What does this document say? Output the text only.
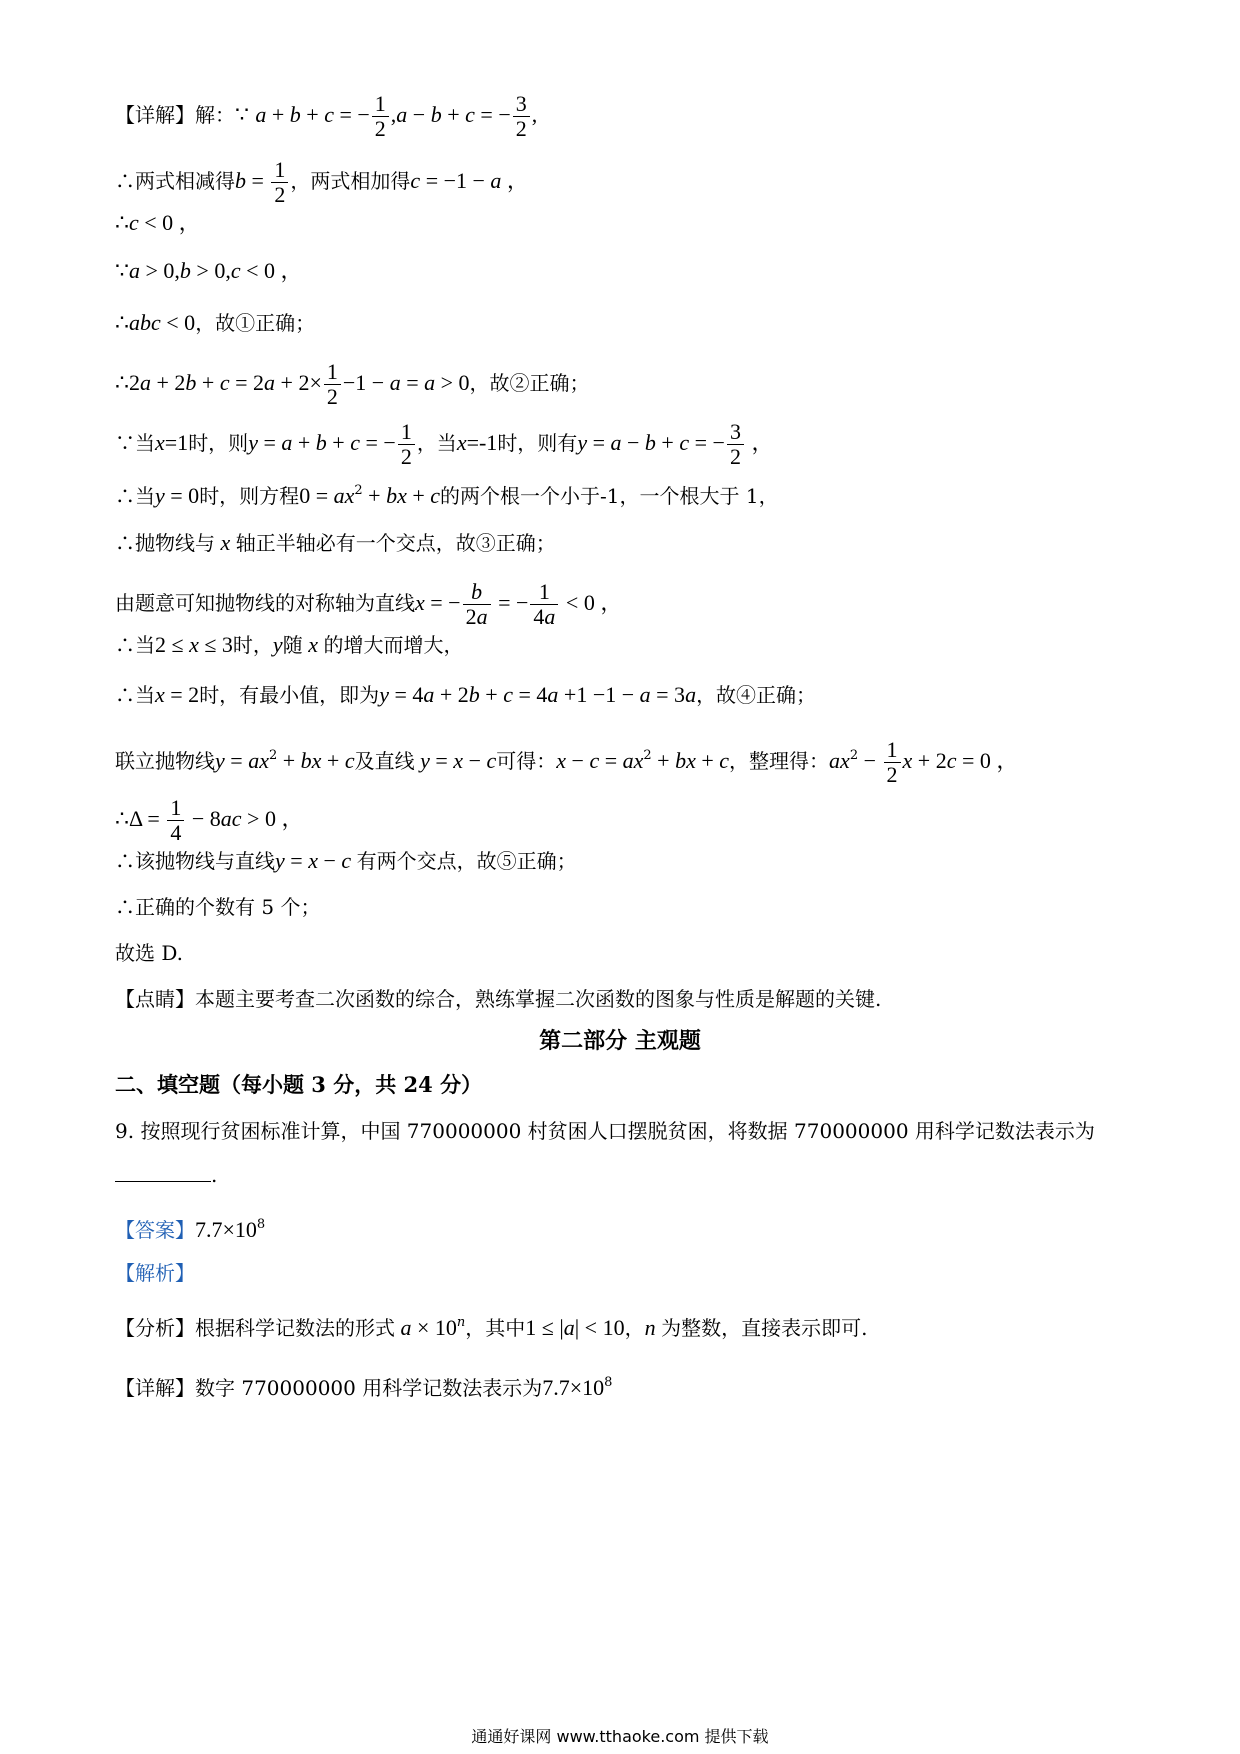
【详解】解：∵ a + b + c = − $\frac{1}{2} ,a - b + c$ = − $\frac{3}{2}$ ,
∴两式相减得$b = \frac{1}{2}$ ，两式相加得c = −1 − a ，
∴c < 0 ，
∵a > 0,b > 0,c < 0 ，
∴abc < 0，故①正确；
∴2a + $2b + c = 2a + 2\times \frac{1}{2} -1 - a = a > 0$，故②正确；
∵当x=1时，则y = a + b + c = − $\frac{1}{2}$ ，当x=-1时，则有y = a − b + c = − $\frac{3}{2}$ ，
∴当y = 0时，则方程$0 = ax^2$ + bx + c的两个根一个小于-1，一个根大于 1，
∴抛物线与 x 轴正半轴必有一个交点，故③正确；
由题意可知抛物线的对称轴为直线x = − $\frac{b}{2a}$ = − $\frac{1}{4a} < 0$ ，
∴当2 ≤ x ≤ 3时，y随 x 的增大而增大，
∴当x = 2时，有最小值，即为y = 4a + 2b + c = 4a +1 −1 − a = 3a，故④正确；
联立抛物线$y = ax^2$ + bx + c及直线 y = x − c可得：$x - c = ax^2$ + bx + c，整理得：$ax^2 - \frac{1}{2}$ x + 2c = 0 ，
∴Δ = $\frac{1}{4} - 8ac > 0$ ，
∴该抛物线与直线y = x − c 有两个交点，故⑤正确；
∴正确的个数有 5 个；
故选 D.
【点睛】本题主要考查二次函数的综合，熟练掌握二次函数的图象与性质是解题的关键.
第二部分 主观题
二、填空题（每小题 3 分，共 24 分）
9. 按照现行贫困标准计算，中国 770000000 村贫困人口摆脱贫困，将数据 770000000 用科学记数法表示为
.
【答案】$7.7\times 10^8$
【解析】
【分析】根据科学记数法的形式 $a \times 10^n$，其中1 ≤ |a| < 10，n 为整数，直接表示即可.
【详解】数字 770000000 用科学记数法表示为$7.7\times 10^8$
通通好课网 www.tthaoke.com 提供下载
